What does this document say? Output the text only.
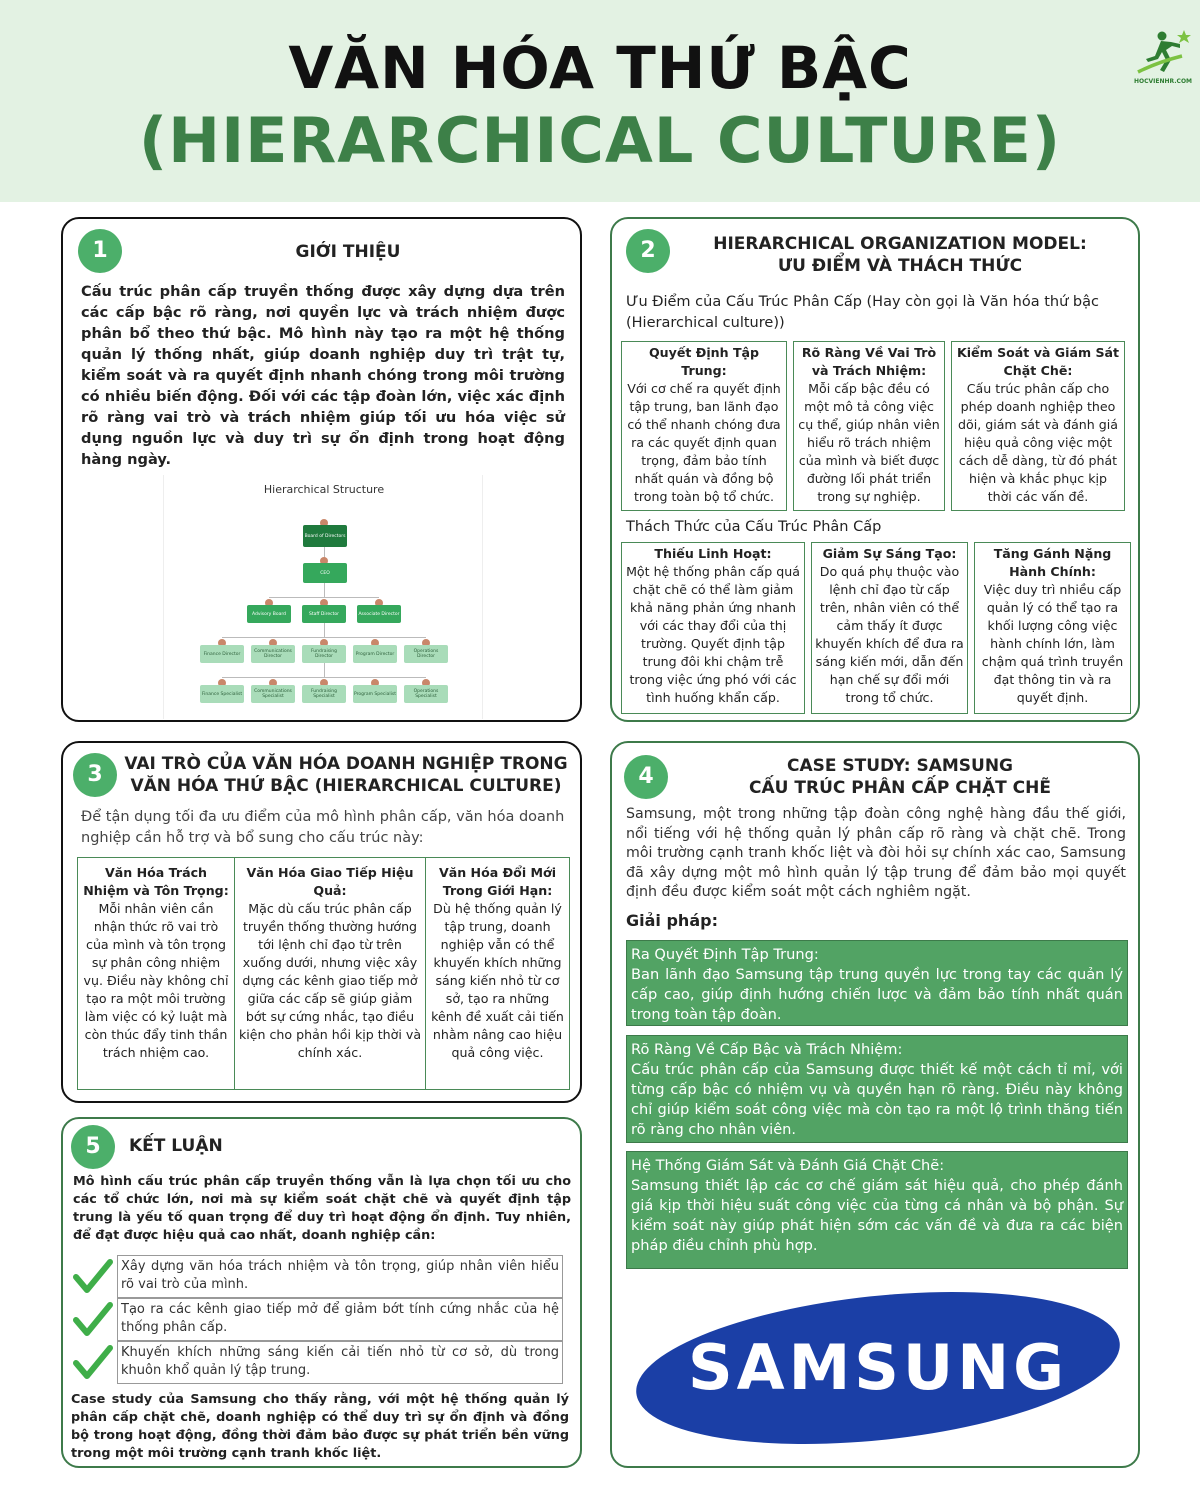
VĂN HÓA THỨ BẬC
(HIERARCHICAL CULTURE)
HOCVIENHR.COM
1	GIỚI THIỆU
Cấu trúc phân cấp truyền thống được xây dựng dựa trên các cấp bậc rõ ràng, nơi quyền lực và trách nhiệm được phân bổ theo thứ bậc. Mô hình này tạo ra một hệ thống quản lý thống nhất, giúp doanh nghiệp duy trì trật tự, kiểm soát và ra quyết định nhanh chóng trong môi trường có nhiều biến động. Đối với các tập đoàn lớn, việc xác định rõ ràng vai trò và trách nhiệm giúp tối ưu hóa việc sử dụng nguồn lực và duy trì sự ổn định trong hoạt động hàng ngày.
Hierarchical Structure
Board of Directors
CEO
Advisory Board	Staff Director	Associate Director
Finance Director	Communications Director
Fundraising Director	Program Director	Operations Director
Finance Specialist	Communications Specialist
Fundraising Specialist	Program Specialist	Operations Specialist
2	HIERARCHICAL ORGANIZATION MODEL:
ƯU ĐIỂM VÀ THÁCH THỨC
Ưu Điểm của Cấu Trúc Phân Cấp (Hay còn gọi là Văn hóa thứ bậc (Hierarchical culture))
Quyết Định Tập Trung:
Với cơ chế ra quyết định tập trung, ban lãnh đạo có thể nhanh chóng đưa ra các quyết định quan trọng, đảm bảo tính nhất quán và đồng bộ trong toàn bộ tổ chức.
Rõ Ràng Về Vai Trò và Trách Nhiệm:
Mỗi cấp bậc đều có một mô tả công việc cụ thể, giúp nhân viên hiểu rõ trách nhiệm của mình và biết được đường lối phát triển trong sự nghiệp.
Kiểm Soát và Giám Sát Chặt Chẽ:
Cấu trúc phân cấp cho phép doanh nghiệp theo dõi, giám sát và đánh giá hiệu quả công việc một cách dễ dàng, từ đó phát hiện và khắc phục kịp thời các vấn đề.
Thách Thức của Cấu Trúc Phân Cấp
Thiếu Linh Hoạt:
Một hệ thống phân cấp quá chặt chẽ có thể làm giảm khả năng phản ứng nhanh với các thay đổi của thị trường. Quyết định tập trung đôi khi chậm trễ trong việc ứng phó với các tình huống khẩn cấp.
Giảm Sự Sáng Tạo:
Do quá phụ thuộc vào lệnh chỉ đạo từ cấp trên, nhân viên có thể cảm thấy ít được khuyến khích để đưa ra sáng kiến mới, dẫn đến hạn chế sự đổi mới trong tổ chức.
Tăng Gánh Nặng Hành Chính:
Việc duy trì nhiều cấp quản lý có thể tạo ra khối lượng công việc hành chính lớn, làm chậm quá trình truyền đạt thông tin và ra quyết định.
3	VAI TRÒ CỦA VĂN HÓA DOANH NGHIỆP TRONG
VĂN HÓA THỨ BẬC (HIERARCHICAL CULTURE)
Để tận dụng tối đa ưu điểm của mô hình phân cấp, văn hóa doanh nghiệp cần hỗ trợ và bổ sung cho cấu trúc này:
Văn Hóa Trách Nhiệm và Tôn Trọng:
Mỗi nhân viên cần nhận thức rõ vai trò của mình và tôn trọng sự phân công nhiệm vụ. Điều này không chỉ tạo ra một môi trường làm việc có kỷ luật mà còn thúc đẩy tinh thần trách nhiệm cao.
Văn Hóa Giao Tiếp Hiệu Quả:
Mặc dù cấu trúc phân cấp truyền thống thường hướng tới lệnh chỉ đạo từ trên xuống dưới, nhưng việc xây dựng các kênh giao tiếp mở giữa các cấp sẽ giúp giảm bớt sự cứng nhắc, tạo điều kiện cho phản hồi kịp thời và chính xác.
Văn Hóa Đổi Mới Trong Giới Hạn:
Dù hệ thống quản lý tập trung, doanh nghiệp vẫn có thể khuyến khích những sáng kiến nhỏ từ cơ sở, tạo ra những kênh đề xuất cải tiến nhằm nâng cao hiệu quả công việc.
4	CASE STUDY: SAMSUNG
CẤU TRÚC PHÂN CẤP CHẶT CHẼ
Samsung, một trong những tập đoàn công nghệ hàng đầu thế giới, nổi tiếng với hệ thống quản lý phân cấp rõ ràng và chặt chẽ. Trong môi trường cạnh tranh khốc liệt và đòi hỏi sự chính xác cao, Samsung đã xây dựng một mô hình quản lý tập trung để đảm bảo mọi quyết định đều được kiểm soát một cách nghiêm ngặt.
Giải pháp:
Ra Quyết Định Tập Trung:
Ban lãnh đạo Samsung tập trung quyền lực trong tay các quản lý cấp cao, giúp định hướng chiến lược và đảm bảo tính nhất quán trong toàn tập đoàn.
Rõ Ràng Về Cấp Bậc và Trách Nhiệm:
Cấu trúc phân cấp của Samsung được thiết kế một cách tỉ mỉ, với từng cấp bậc có nhiệm vụ và quyền hạn rõ ràng. Điều này không chỉ giúp kiểm soát công việc mà còn tạo ra một lộ trình thăng tiến rõ ràng cho nhân viên.
Hệ Thống Giám Sát và Đánh Giá Chặt Chẽ:
Samsung thiết lập các cơ chế giám sát hiệu quả, cho phép đánh giá kịp thời hiệu suất công việc của từng cá nhân và bộ phận. Sự kiểm soát này giúp phát hiện sớm các vấn đề và đưa ra các biện pháp điều chỉnh phù hợp.
SAMSUNG
5	KẾT LUẬN
Mô hình cấu trúc phân cấp truyền thống vẫn là lựa chọn tối ưu cho các tổ chức lớn, nơi mà sự kiểm soát chặt chẽ và quyết định tập trung là yếu tố quan trọng để duy trì hoạt động ổn định. Tuy nhiên, để đạt được hiệu quả cao nhất, doanh nghiệp cần:
Xây dựng văn hóa trách nhiệm và tôn trọng, giúp nhân viên hiểu rõ vai trò của mình.
Tạo ra các kênh giao tiếp mở để giảm bớt tính cứng nhắc của hệ thống phân cấp.
Khuyến khích những sáng kiến cải tiến nhỏ từ cơ sở, dù trong khuôn khổ quản lý tập trung.
Case study của Samsung cho thấy rằng, với một hệ thống quản lý phân cấp chặt chẽ, doanh nghiệp có thể duy trì sự ổn định và đồng bộ trong hoạt động, đồng thời đảm bảo được sự phát triển bền vững trong một môi trường cạnh tranh khốc liệt.
